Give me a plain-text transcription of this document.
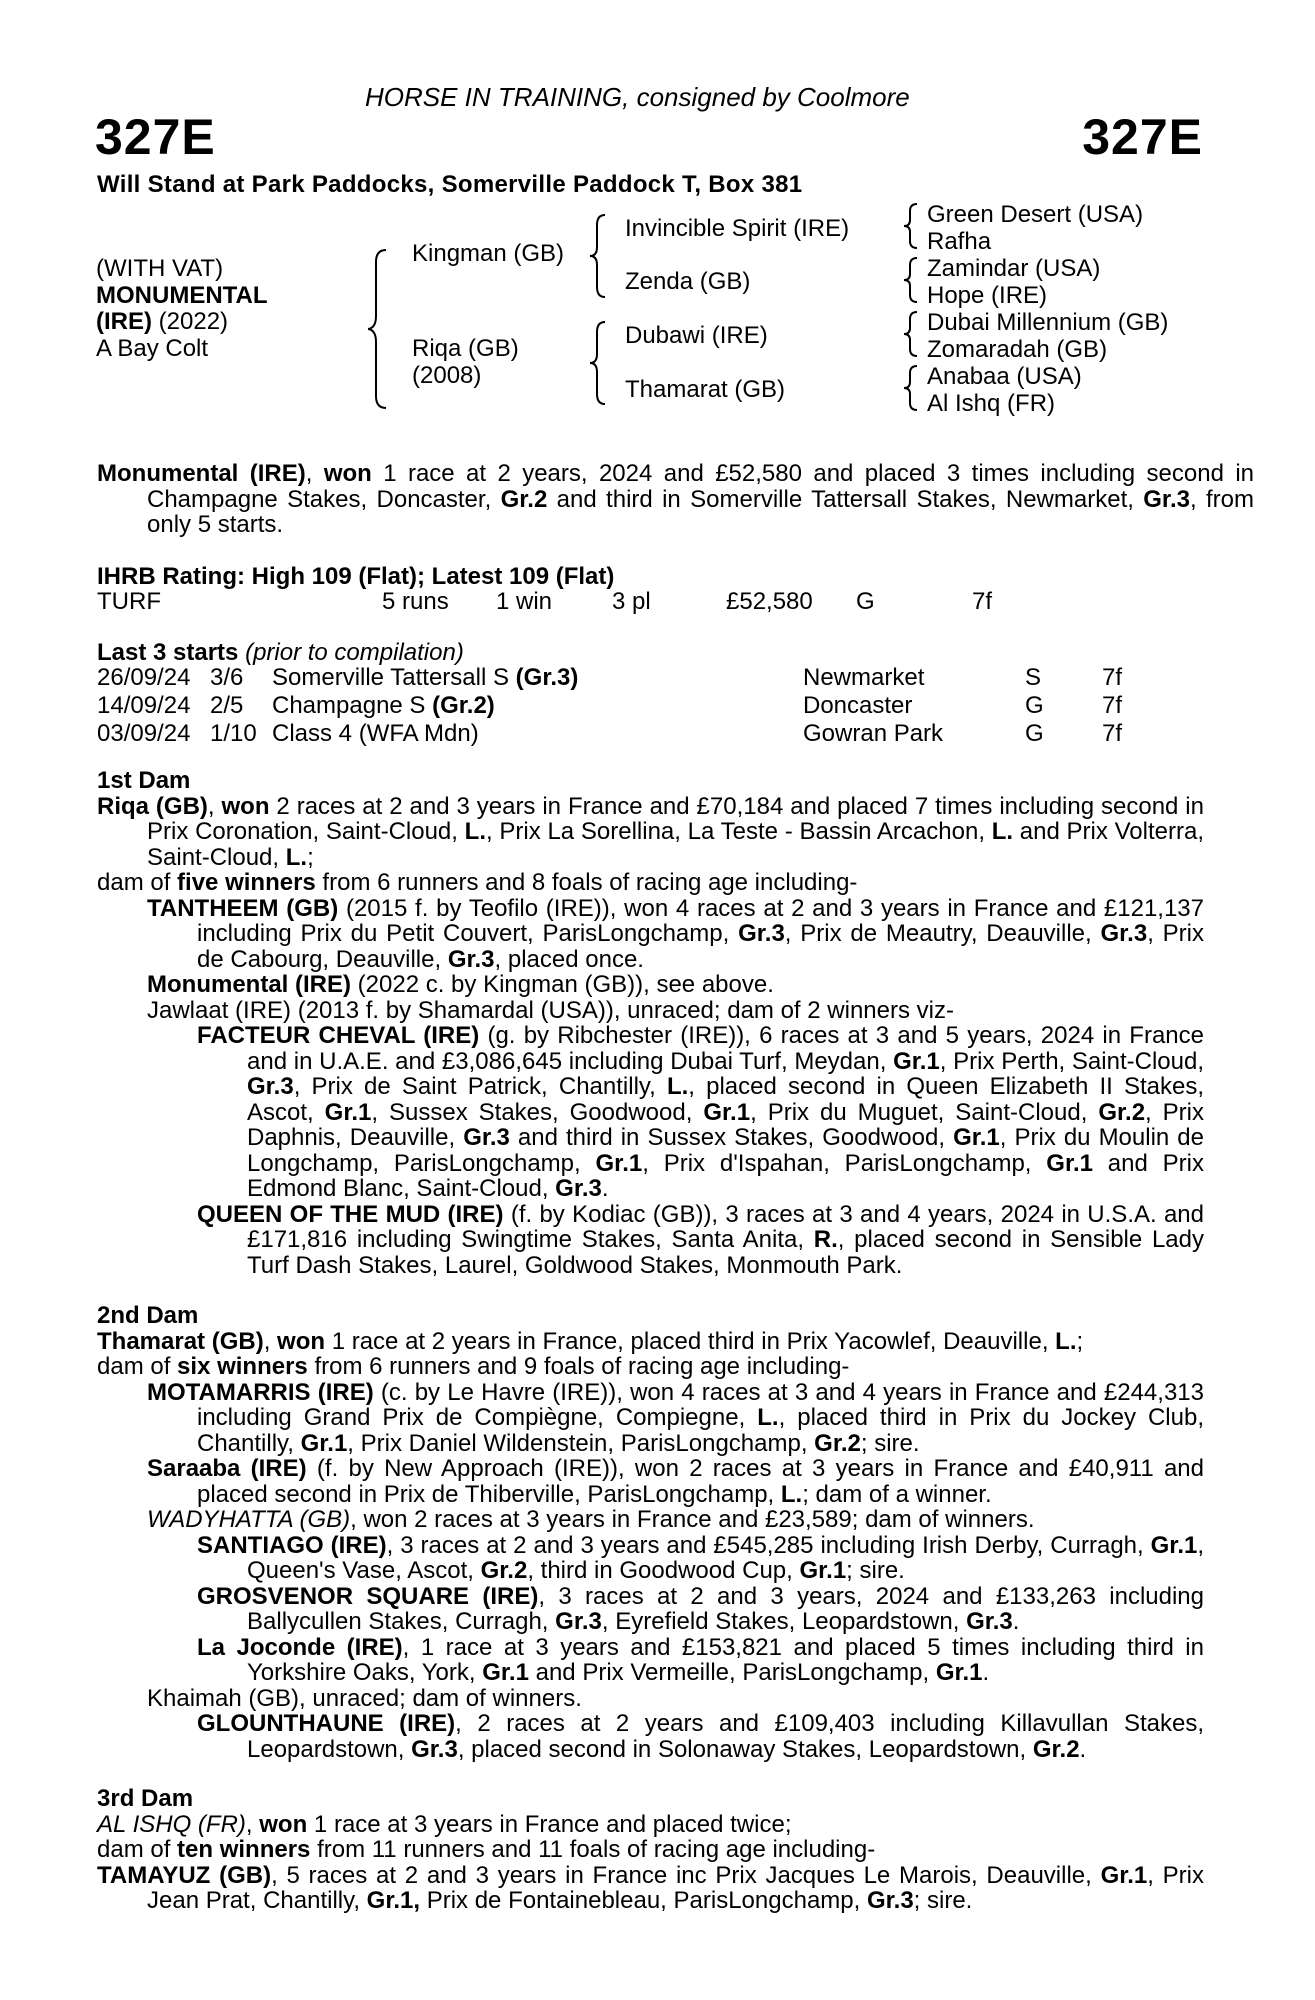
HORSE IN TRAINING, consigned by Coolmore
327E	327E
Will Stand at Park Paddocks, Somerville Paddock T, Box 381
(WITH VAT)
MONUMENTAL
(IRE) (2022)
A Bay Colt
Kingman (GB)
Riqa (GB)
(2008)
Invincible Spirit (IRE)
Zenda (GB)
Dubawi (IRE)
Thamarat (GB)
Green Desert (USA)
Rafha
Zamindar (USA)
Hope (IRE)
Dubai Millennium (GB)
Zomaradah (GB)
Anabaa (USA)
Al Ishq (FR)
Monumental (IRE), won 1 race at 2 years, 2024 and £52,580 and placed 3 times including second in Champagne Stakes, Doncaster, Gr.2 and third in Somerville Tattersall Stakes, Newmarket, Gr.3, from only 5 starts.
IHRB Rating: High 109 (Flat); Latest 109 (Flat)
TURF	5 runs 1 win 3 pl	£52,580 G	7f
Last 3 starts (prior to compilation)
26/09/24	3/6	Somerville Tattersall S (Gr.3)	Newmarket	S	7f
14/09/24	2/5	Champagne S (Gr.2)	Doncaster	G	7f
03/09/24	1/10	Class 4 (WFA Mdn)	Gowran Park	G	7f

1st Dam

Riqa (GB), won 2 races at 2 and 3 years in France and £70,184 and placed 7 times including second in Prix Coronation, Saint-Cloud, L., Prix La Sorellina, La Teste - Bassin Arcachon, L. and Prix Volterra, Saint-Cloud, L.;

dam of five winners from 6 runners and 8 foals of racing age including-

TANTHEEM (GB) (2015 f. by Teofilo (IRE)), won 4 races at 2 and 3 years in France and £121,137 including Prix du Petit Couvert, ParisLongchamp, Gr.3, Prix de Meautry, Deauville, Gr.3, Prix de Cabourg, Deauville, Gr.3, placed once.

Monumental (IRE) (2022 c. by Kingman (GB)), see above.

Jawlaat (IRE) (2013 f. by Shamardal (USA)), unraced; dam of 2 winners viz-

FACTEUR CHEVAL (IRE) (g. by Ribchester (IRE)), 6 races at 3 and 5 years, 2024 in France and in U.A.E. and £3,086,645 including Dubai Turf, Meydan, Gr.1, Prix Perth, Saint-Cloud, Gr.3, Prix de Saint Patrick, Chantilly, L., placed second in Queen Elizabeth II Stakes, Ascot, Gr.1, Sussex Stakes, Goodwood, Gr.1, Prix du Muguet, Saint-Cloud, Gr.2, Prix Daphnis, Deauville, Gr.3 and third in Sussex Stakes, Goodwood, Gr.1, Prix du Moulin de Longchamp, ParisLongchamp, Gr.1, Prix d'Ispahan, ParisLongchamp, Gr.1 and Prix Edmond Blanc, Saint-Cloud, Gr.3.

QUEEN OF THE MUD (IRE) (f. by Kodiac (GB)), 3 races at 3 and 4 years, 2024 in U.S.A. and £171,816 including Swingtime Stakes, Santa Anita, R., placed second in Sensible Lady Turf Dash Stakes, Laurel, Goldwood Stakes, Monmouth Park.

2nd Dam

Thamarat (GB), won 1 race at 2 years in France, placed third in Prix Yacowlef, Deauville, L.;

dam of six winners from 6 runners and 9 foals of racing age including-

MOTAMARRIS (IRE) (c. by Le Havre (IRE)), won 4 races at 3 and 4 years in France and £244,313 including Grand Prix de Compiègne, Compiegne, L., placed third in Prix du Jockey Club, Chantilly, Gr.1, Prix Daniel Wildenstein, ParisLongchamp, Gr.2; sire.

Saraaba (IRE) (f. by New Approach (IRE)), won 2 races at 3 years in France and £40,911 and placed second in Prix de Thiberville, ParisLongchamp, L.; dam of a winner.

WADYHATTA (GB), won 2 races at 3 years in France and £23,589; dam of winners.

SANTIAGO (IRE), 3 races at 2 and 3 years and £545,285 including Irish Derby, Curragh, Gr.1, Queen's Vase, Ascot, Gr.2, third in Goodwood Cup, Gr.1; sire.

GROSVENOR SQUARE (IRE), 3 races at 2 and 3 years, 2024 and £133,263 including Ballycullen Stakes, Curragh, Gr.3, Eyrefield Stakes, Leopardstown, Gr.3.

La Joconde (IRE), 1 race at 3 years and £153,821 and placed 5 times including third in Yorkshire Oaks, York, Gr.1 and Prix Vermeille, ParisLongchamp, Gr.1.

Khaimah (GB), unraced; dam of winners.

GLOUNTHAUNE (IRE), 2 races at 2 years and £109,403 including Killavullan Stakes, Leopardstown, Gr.3, placed second in Solonaway Stakes, Leopardstown, Gr.2.

3rd Dam

AL ISHQ (FR), won 1 race at 3 years in France and placed twice;

dam of ten winners from 11 runners and 11 foals of racing age including-

TAMAYUZ (GB), 5 races at 2 and 3 years in France inc Prix Jacques Le Marois, Deauville, Gr.1, Prix Jean Prat, Chantilly, Gr.1, Prix de Fontainebleau, ParisLongchamp, Gr.3; sire.
